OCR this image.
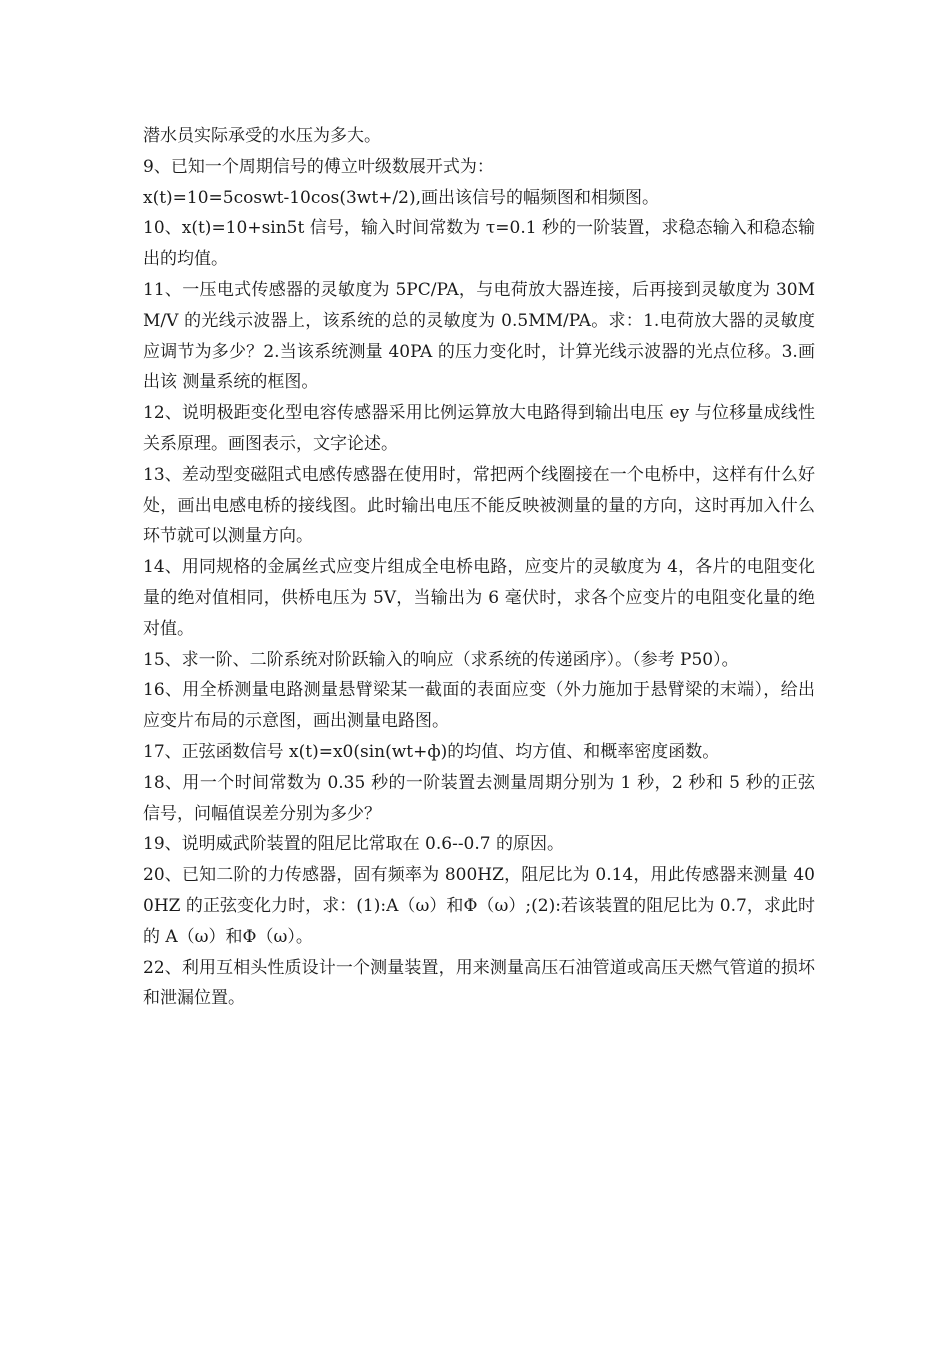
潜水员实际承受的水压为多大。

9、已知一个周期信号的傅立叶级数展开式为：

x(t)=10=5coswt-10cos(3wt+/2),画出该信号的幅频图和相频图。

10、x(t)=10+sin5t 信号，输入时间常数为 τ=0.1 秒的一阶装置，求稳态输入和稳态输出的均值。

11、一压电式传感器的灵敏度为 5PC/PA，与电荷放大器连接，后再接到灵敏度为 30MM/V 的光线示波器上，该系统的总的灵敏度为 0.5MM/PA。求：1.电荷放大器的灵敏度应调节为多少？2.当该系统测量 40PA 的压力变化时，计算光线示波器的光点位移。3.画出该 测量系统的框图。

12、说明极距变化型电容传感器采用比例运算放大电路得到输出电压 ey 与位移量成线性关系原理。画图表示，文字论述。

13、差动型变磁阻式电感传感器在使用时，常把两个线圈接在一个电桥中，这样有什么好处，画出电感电桥的接线图。此时输出电压不能反映被测量的量的方向，这时再加入什么环节就可以测量方向。

14、用同规格的金属丝式应变片组成全电桥电路，应变片的灵敏度为 4，各片的电阻变化量的绝对值相同，供桥电压为 5V，当输出为 6 毫伏时，求各个应变片的电阻变化量的绝对值。

15、求一阶、二阶系统对阶跃输入的响应（求系统的传递函序）。（参考 P50）。

16、用全桥测量电路测量悬臂梁某一截面的表面应变（外力施加于悬臂梁的末端），给出应变片布局的示意图，画出测量电路图。

17、正弦函数信号 x(t)=x0(sin(wt+ф)的均值、均方值、和概率密度函数。

18、用一个时间常数为 0.35 秒的一阶装置去测量周期分别为 1 秒，2 秒和 5 秒的正弦信号，问幅值误差分别为多少？

19、说明威武阶装置的阻尼比常取在 0.6--0.7 的原因。

20、已知二阶的力传感器，固有频率为 800HZ，阻尼比为 0.14，用此传感器来测量 400HZ 的正弦变化力时，求：(1):A（ω）和Φ（ω）;(2):若该装置的阻尼比为 0.7，求此时的 A（ω）和Φ（ω）。

22、利用互相头性质设计一个测量装置，用来测量高压石油管道或高压天燃气管道的损坏和泄漏位置。
